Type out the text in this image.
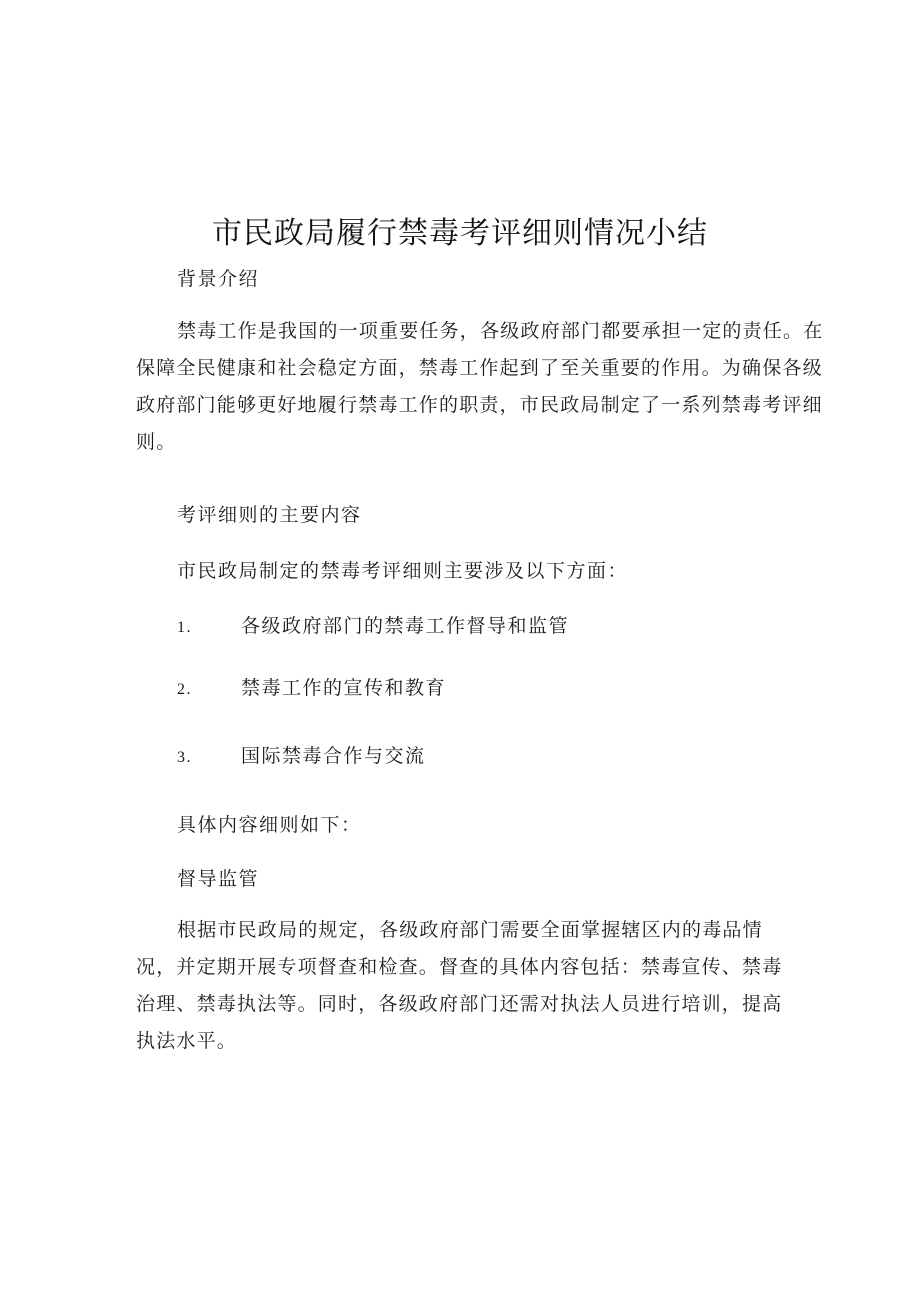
市民政局履行禁毒考评细则情况小结
背景介绍

禁毒工作是我国的一项重要任务，各级政府部门都要承担一定的责任。在保障全民健康和社会稳定方面，禁毒工作起到了至关重要的作用。为确保各级政府部门能够更好地履行禁毒工作的职责，市民政局制定了一系列禁毒考评细则。

考评细则的主要内容
市民政局制定的禁毒考评细则主要涉及以下方面：
1.	各级政府部门的禁毒工作督导和监管
2.	禁毒工作的宣传和教育
3.	国际禁毒合作与交流
具体内容细则如下：
督导监管

根据市民政局的规定，各级政府部门需要全面掌握辖区内的毒品情况，并定期开展专项督查和检查。督查的具体内容包括：禁毒宣传、禁毒治理、禁毒执法等。同时，各级政府部门还需对执法人员进行培训，提高执法水平。
